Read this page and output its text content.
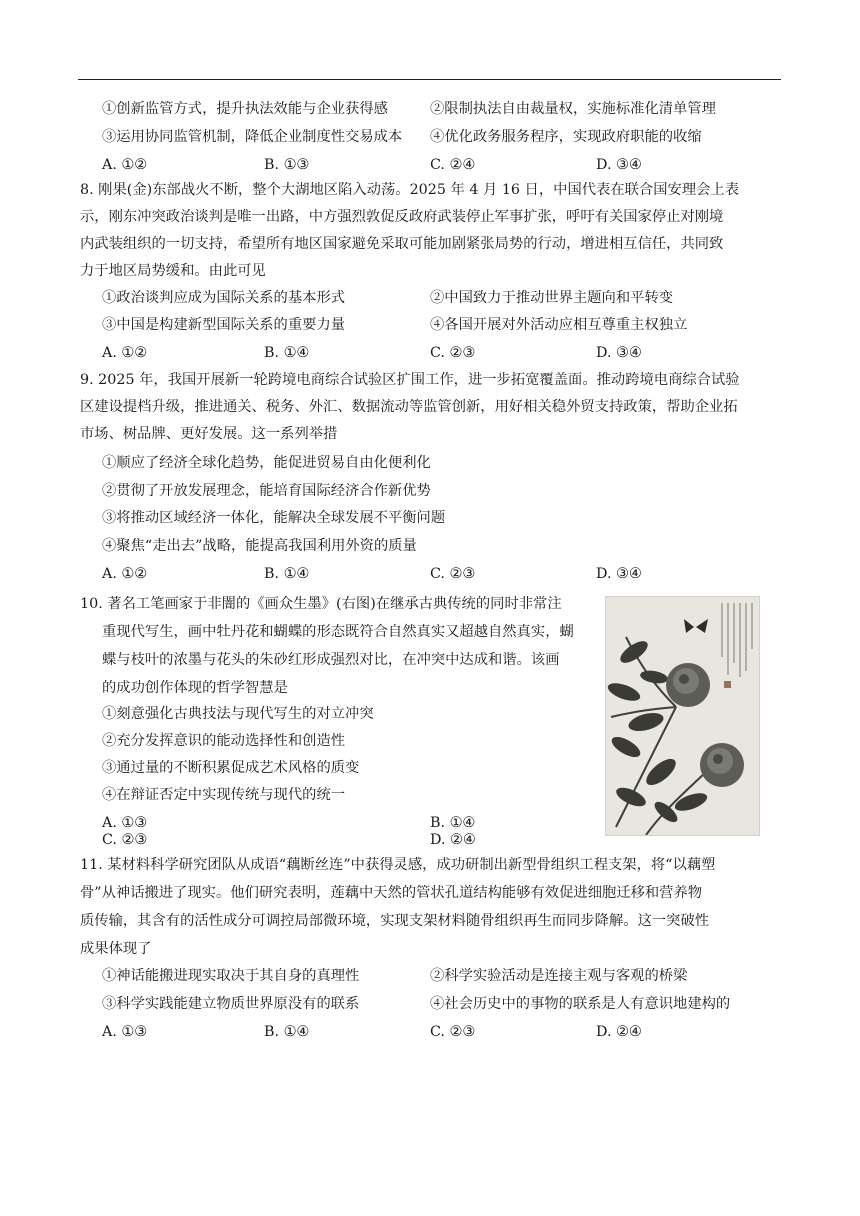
①创新监管方式，提升执法效能与企业获得感	②限制执法自由裁量权，实施标准化清单管理
③运用协同监管机制，降低企业制度性交易成本 ④优化政务服务程序，实现政府职能的收缩
A. ①②	B. ①③	C. ②④	D. ③④
8. 刚果(金)东部战火不断，整个大湖地区陷入动荡。2025 年 4 月 16 日，中国代表在联合国安理会上表
示，刚东冲突政治谈判是唯一出路，中方强烈敦促反政府武装停止军事扩张，呼吁有关国家停止对刚境
内武装组织的一切支持，希望所有地区国家避免采取可能加剧紧张局势的行动，增进相互信任，共同致
力于地区局势缓和。由此可见
①政治谈判应成为国际关系的基本形式	②中国致力于推动世界主题向和平转变
③中国是构建新型国际关系的重要力量	④各国开展对外活动应相互尊重主权独立
A. ①②	B. ①④	C. ②③	D. ③④
9. 2025 年，我国开展新一轮跨境电商综合试验区扩围工作，进一步拓宽覆盖面。推动跨境电商综合试验
区建设提档升级，推进通关、税务、外汇、数据流动等监管创新，用好相关稳外贸支持政策，帮助企业拓
市场、树品牌、更好发展。这一系列举措
①顺应了经济全球化趋势，能促进贸易自由化便利化
②贯彻了开放发展理念，能培育国际经济合作新优势
③将推动区域经济一体化，能解决全球发展不平衡问题
④聚焦“走出去”战略，能提高我国利用外资的质量
A. ①②	B. ①④	C. ②③	D. ③④
10. 著名工笔画家于非闇的《画众生墨》(右图)在继承古典传统的同时非常注
重现代写生，画中牡丹花和蝴蝶的形态既符合自然真实又超越自然真实，蝴
蝶与枝叶的浓墨与花头的朱砂红形成强烈对比，在冲突中达成和谐。该画
的成功创作体现的哲学智慧是
①刻意强化古典技法与现代写生的对立冲突
②充分发挥意识的能动选择性和创造性
③通过量的不断积累促成艺术风格的质变
④在辩证否定中实现传统与现代的统一
A. ①③	B. ①④
C. ②③	D. ②④
11. 某材料科学研究团队从成语“藕断丝连”中获得灵感，成功研制出新型骨组织工程支架，将“以藕塑
骨”从神话搬进了现实。他们研究表明，莲藕中天然的管状孔道结构能够有效促进细胞迁移和营养物
质传输，其含有的活性成分可调控局部微环境，实现支架材料随骨组织再生而同步降解。这一突破性
成果体现了
①神话能搬进现实取决于其自身的真理性	②科学实验活动是连接主观与客观的桥梁
③科学实践能建立物质世界原没有的联系	④社会历史中的事物的联系是人有意识地建构的
A. ①③	B. ①④	C. ②③	D. ②④
